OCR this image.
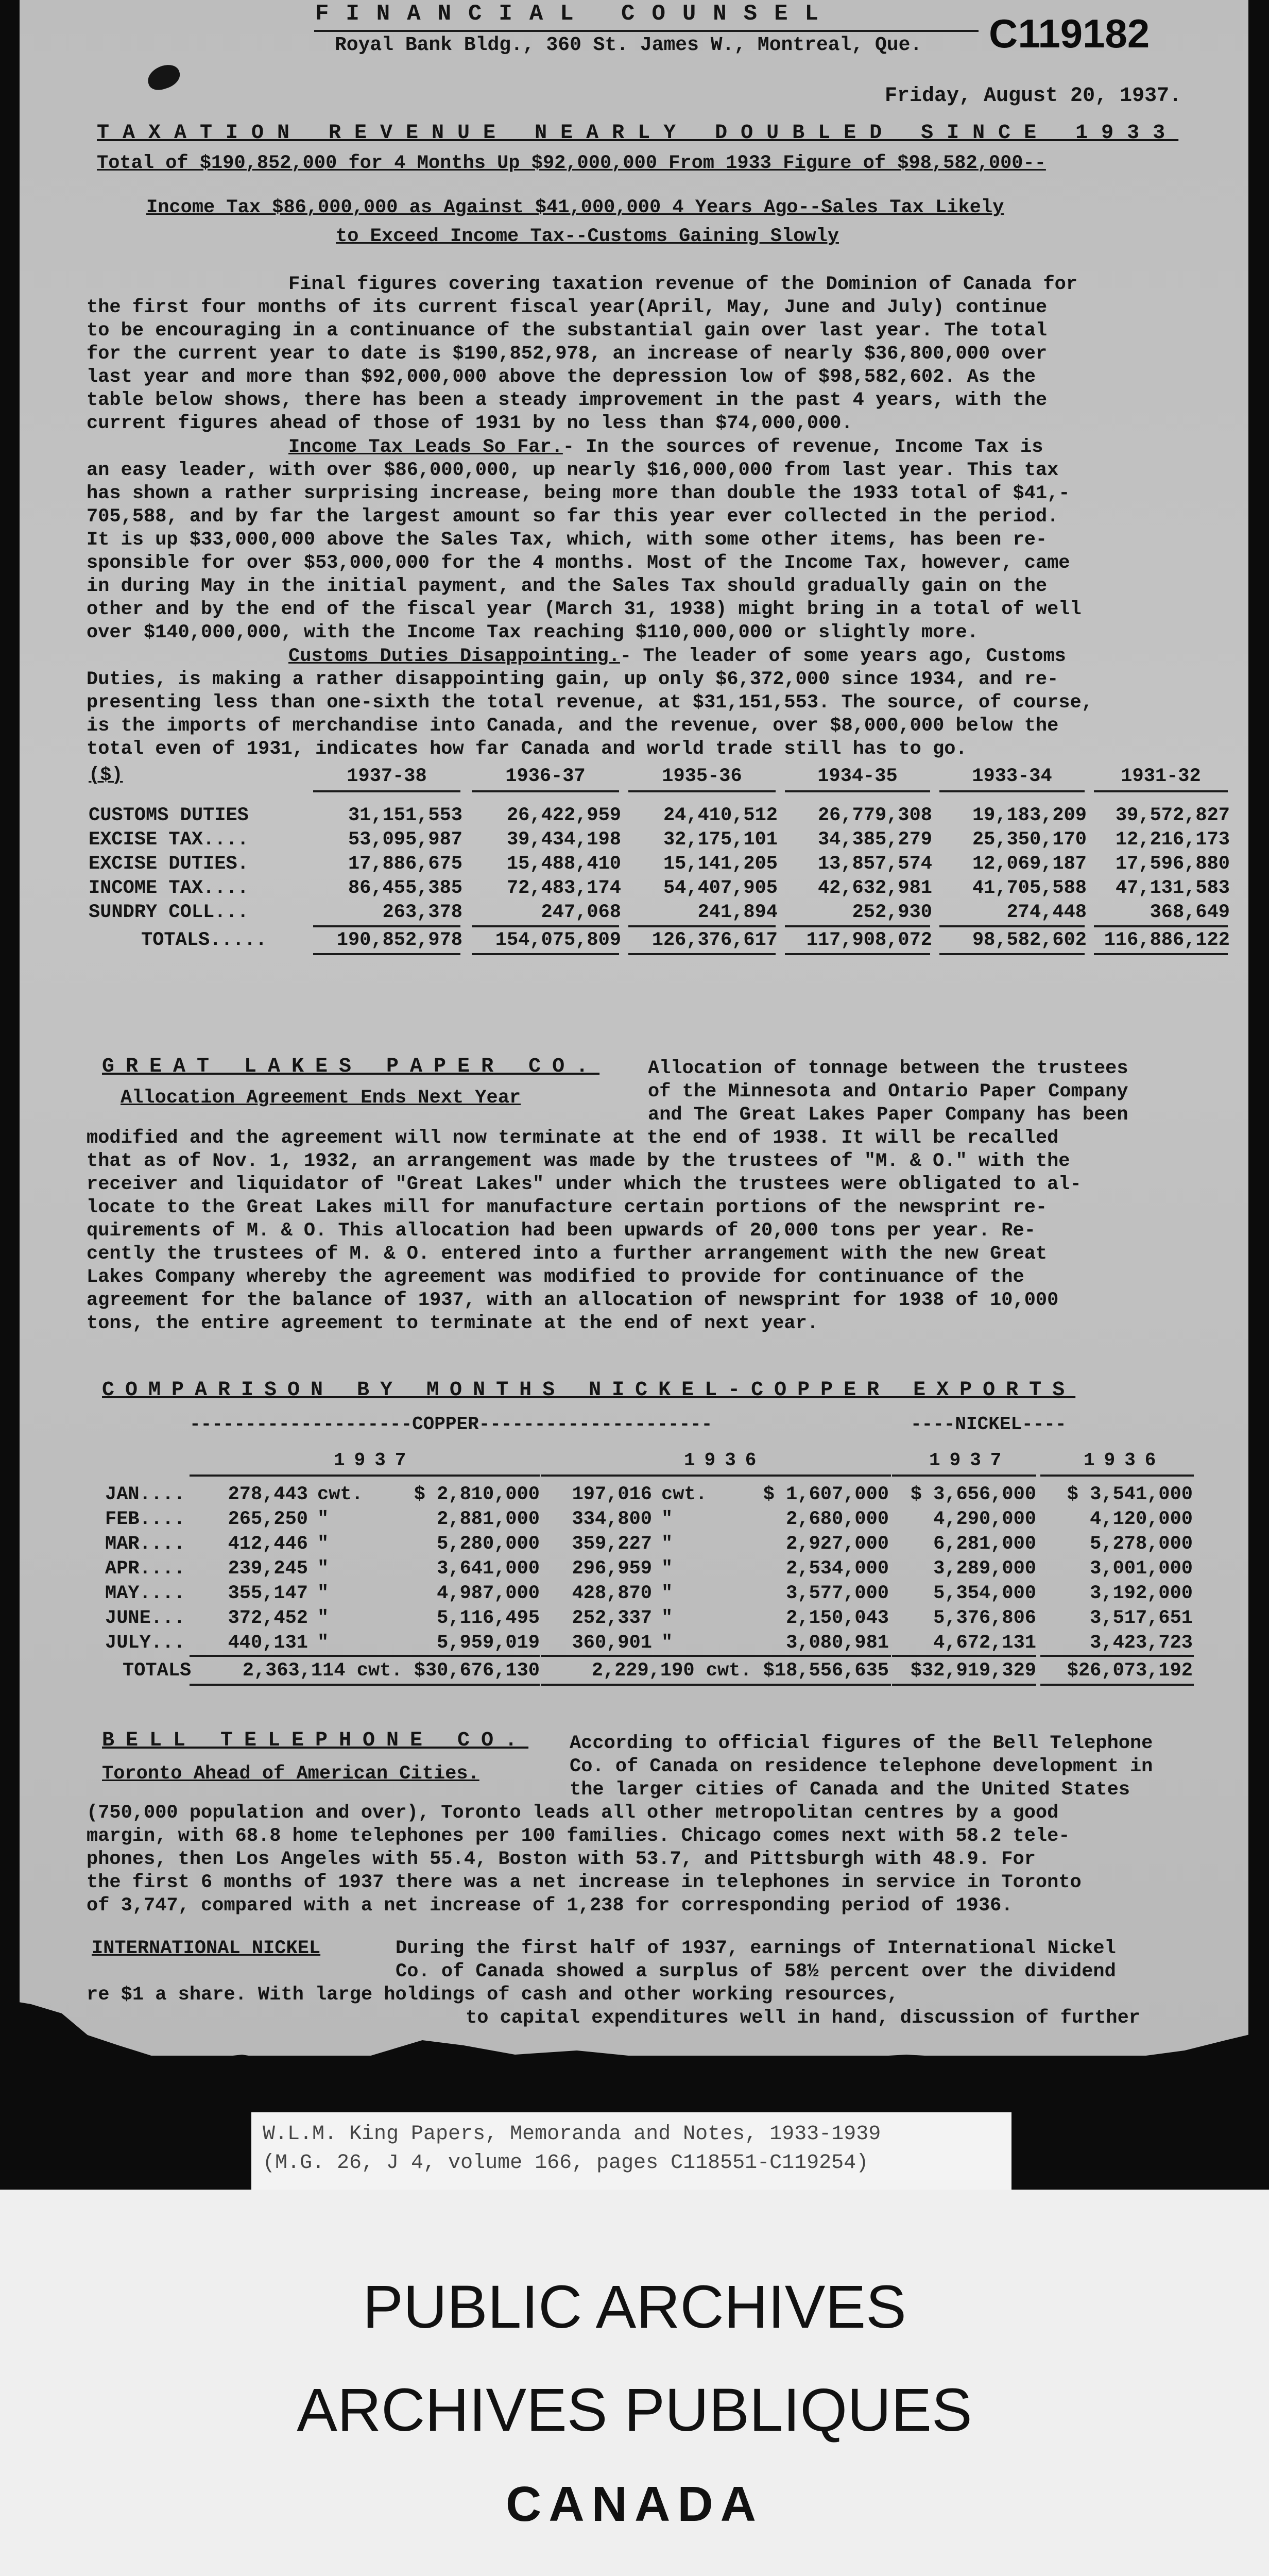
FINANCIAL COUNSEL
Royal Bank Bldg., 360 St. James W., Montreal, Que. C119182
Friday, August 20, 1937.
TAXATION REVENUE NEARLY DOUBLED SINCE 1933
Total of $190,852,000 for 4 Months Up $92,000,000 From 1933 Figure of $98,582,000--
Income Tax $86,000,000 as Against $41,000,000 4 Years Ago--Sales Tax Likely
to Exceed Income Tax--Customs Gaining Slowly
Final figures covering taxation revenue of the Dominion of Canada for
the first four months of its current fiscal year(April, May, June and July) continue
to be encouraging in a continuance of the substantial gain over last year. The total
for the current year to date is $190,852,978, an increase of nearly $36,800,000 over
last year and more than $92,000,000 above the depression low of $98,582,602. As the
table below shows, there has been a steady improvement in the past 4 years, with the
current figures ahead of those of 1931 by no less than $74,000,000.
Income Tax Leads So Far.- In the sources of revenue, Income Tax is
an easy leader, with over $86,000,000, up nearly $16,000,000 from last year. This tax
has shown a rather surprising increase, being more than double the 1933 total of $41,-
705,588, and by far the largest amount so far this year ever collected in the period.
It is up $33,000,000 above the Sales Tax, which, with some other items, has been re-
sponsible for over $53,000,000 for the 4 months. Most of the Income Tax, however, came
in during May in the initial payment, and the Sales Tax should gradually gain on the
other and by the end of the fiscal year (March 31, 1938) might bring in a total of well
over $140,000,000, with the Income Tax reaching $110,000,000 or slightly more.
Customs Duties Disappointing.- The leader of some years ago, Customs
Duties, is making a rather disappointing gain, up only $6,372,000 since 1934, and re-
presenting less than one-sixth the total revenue, at $31,151,553. The source, of course,
is the imports of merchandise into Canada, and the revenue, over $8,000,000 below the
total even of 1931, indicates how far Canada and world trade still has to go.
($)	1937-38	1936-37	1935-36	1934-35	1933-34	1931-32
CUSTOMS DUTIES	31,151,553	26,422,959	24,410,512	26,779,308	19,183,209	39,572,827
EXCISE TAX....	53,095,987	39,434,198	32,175,101	34,385,279	25,350,170	12,216,173
EXCISE DUTIES.	17,886,675	15,488,410	15,141,205	13,857,574	12,069,187	17,596,880
INCOME TAX....	86,455,385	72,483,174	54,407,905	42,632,981	41,705,588	47,131,583
SUNDRY COLL...	263,378	247,068	241,894	252,930	274,448	368,649
TOTALS.....	190,852,978	154,075,809	126,376,617	117,908,072	98,582,602 116,886,122
GREAT LAKES PAPER CO.
Allocation Agreement Ends Next Year
Allocation of tonnage between the trustees
of the Minnesota and Ontario Paper Company
and The Great Lakes Paper Company has been
modified and the agreement will now terminate at the end of 1938. It will be recalled
that as of Nov. 1, 1932, an arrangement was made by the trustees of "M. & O." with the
receiver and liquidator of "Great Lakes" under which the trustees were obligated to al-
locate to the Great Lakes mill for manufacture certain portions of the newsprint re-
quirements of M. & O. This allocation had been upwards of 20,000 tons per year. Re-
cently the trustees of M. & O. entered into a further arrangement with the new Great
Lakes Company whereby the agreement was modified to provide for continuance of the
agreement for the balance of 1937, with an allocation of newsprint for 1938 of 10,000
tons, the entire agreement to terminate at the end of next year.
COMPARISON BY MONTHS NICKEL-COPPER EXPORTS
--------------------COPPER---------------------	----NICKEL----
1937	1936	1937	1936
JAN....	278,443 cwt.	$ 2,810,000	197,016 cwt.	$ 1,607,000	$ 3,656,000	$ 3,541,000
FEB....	265,250 "	2,881,000	334,800 "	2,680,000	4,290,000	4,120,000
MAR....	412,446 "	5,280,000	359,227 "	2,927,000	6,281,000	5,278,000
APR....	239,245 "	3,641,000	296,959 "	2,534,000	3,289,000	3,001,000
MAY....	355,147 "	4,987,000	428,870 "	3,577,000	5,354,000	3,192,000
JUNE...	372,452 "	5,116,495	252,337 "	2,150,043	5,376,806	3,517,651
JULY...	440,131 "	5,959,019	360,901 "	3,080,981	4,672,131	3,423,723
TOTALS	2,363,114 cwt. $30,676,130	2,229,190 cwt. $18,556,635	$32,919,329	$26,073,192
BELL TELEPHONE CO.
Toronto Ahead of American Cities.
According to official figures of the Bell Telephone
Co. of Canada on residence telephone development in
the larger cities of Canada and the United States
(750,000 population and over), Toronto leads all other metropolitan centres by a good
margin, with 68.8 home telephones per 100 families. Chicago comes next with 58.2 tele-
phones, then Los Angeles with 55.4, Boston with 53.7, and Pittsburgh with 48.9. For
the first 6 months of 1937 there was a net increase in telephones in service in Toronto
of 3,747, compared with a net increase of 1,238 for corresponding period of 1936.
INTERNATIONAL NICKEL	During the first half of 1937, earnings of International Nickel
Co. of Canada showed a surplus of 58½ percent over the dividend
re $1 a share. With large holdings of cash and other working resources,
to capital expenditures well in hand, discussion of further
W.L.M. King Papers, Memoranda and Notes, 1933-1939
(M.G. 26, J 4, volume 166, pages C118551-C119254)
PUBLIC ARCHIVES
ARCHIVES PUBLIQUES
CANADA
